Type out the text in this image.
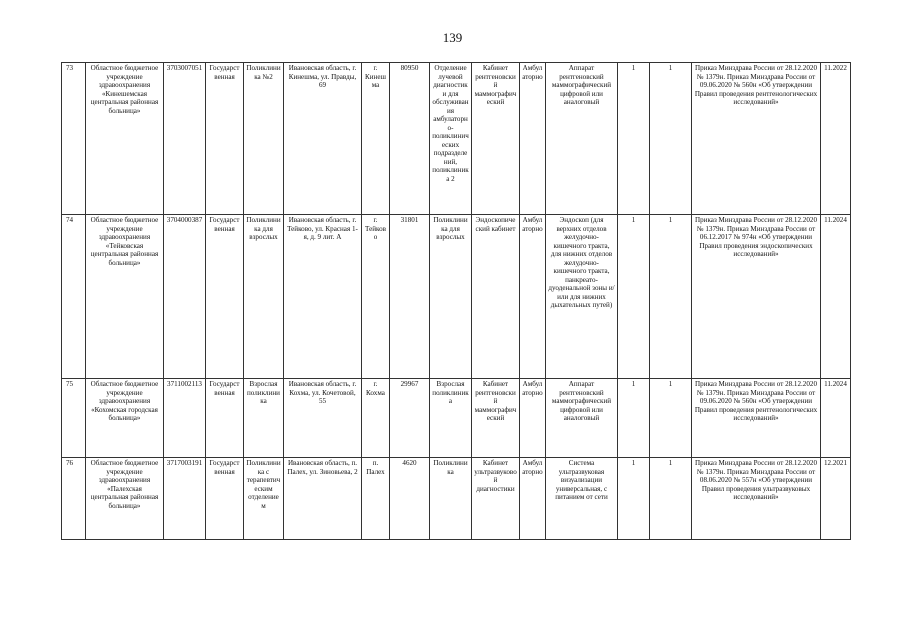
139
73	Областное бюджетное учреждение здравоохранения «Кинешемская центральная районная больница»	3703007051	Государственная	Поликлиника №2	Ивановская область, г. Кинешма, ул. Правды, 69	г. Кинешма	80950	Отделение лучевой диагностики для обслуживания амбулаторно-поликлинических подразделений, поликлиника 2	Кабинет рентгеновский маммографический	Амбулаторно	Аппарат рентгеновский маммографический цифровой или аналоговый	1	1	Приказ Минздрава России от 28.12.2020 № 1379н. Приказ Минздрава России от 09.06.2020 № 560н «Об утверждении Правил проведения рентгенологических исследований»	11.2022
74	Областное бюджетное учреждение здравоохранения «Тейковская центральная районная больница»	3704000387	Государственная	Поликлиника для взрослых	Ивановская область, г. Тейково, ул. Красная 1-я, д. 9 лит. А	г. Тейково	31801	Поликлиника для взрослых	Эндоскопический кабинет	Амбулаторно	Эндоскоп (для верхних отделов желудочно-кишечного тракта, для нижних отделов желудочно-кишечного тракта, панкреато-дуоденальной зоны и/или для нижних дыхательных путей)	1	1	Приказ Минздрава России от 28.12.2020 № 1379н. Приказ Минздрава России от 06.12.2017 № 974н «Об утверждении Правил проведения эндоскопических исследований»	11.2024
75	Областное бюджетное учреждение здравоохранения «Кохомская городская больница»	3711002113	Государственная	Взрослая поликлиника	Ивановская область, г. Кохма, ул. Кочетовой, 55	г. Кохма	29967	Взрослая поликлиника	Кабинет рентгеновский маммографический	Амбулаторно	Аппарат рентгеновский маммографический цифровой или аналоговый	1	1	Приказ Минздрава России от 28.12.2020 № 1379н. Приказ Минздрава России от 09.06.2020 № 560н «Об утверждении Правил проведения рентгенологических исследований»	11.2024
76	Областное бюджетное учреждение здравоохранения «Палехская центральная районная больница»	3717003191	Государственная	Поликлиника с терапевтическим отделением	Ивановская область, п. Палех, ул. Зиновьева, 2	п. Палех	4620	Поликлиника	Кабинет ультразвуковой диагностики	Амбулаторно	Система ультразвуковая визуализации универсальная, с питанием от сети	1	1	Приказ Минздрава России от 28.12.2020 № 1379н. Приказ Минздрава России от 08.06.2020 № 557н «Об утверждении Правил проведения ультразвуковых исследований»	12.2021
